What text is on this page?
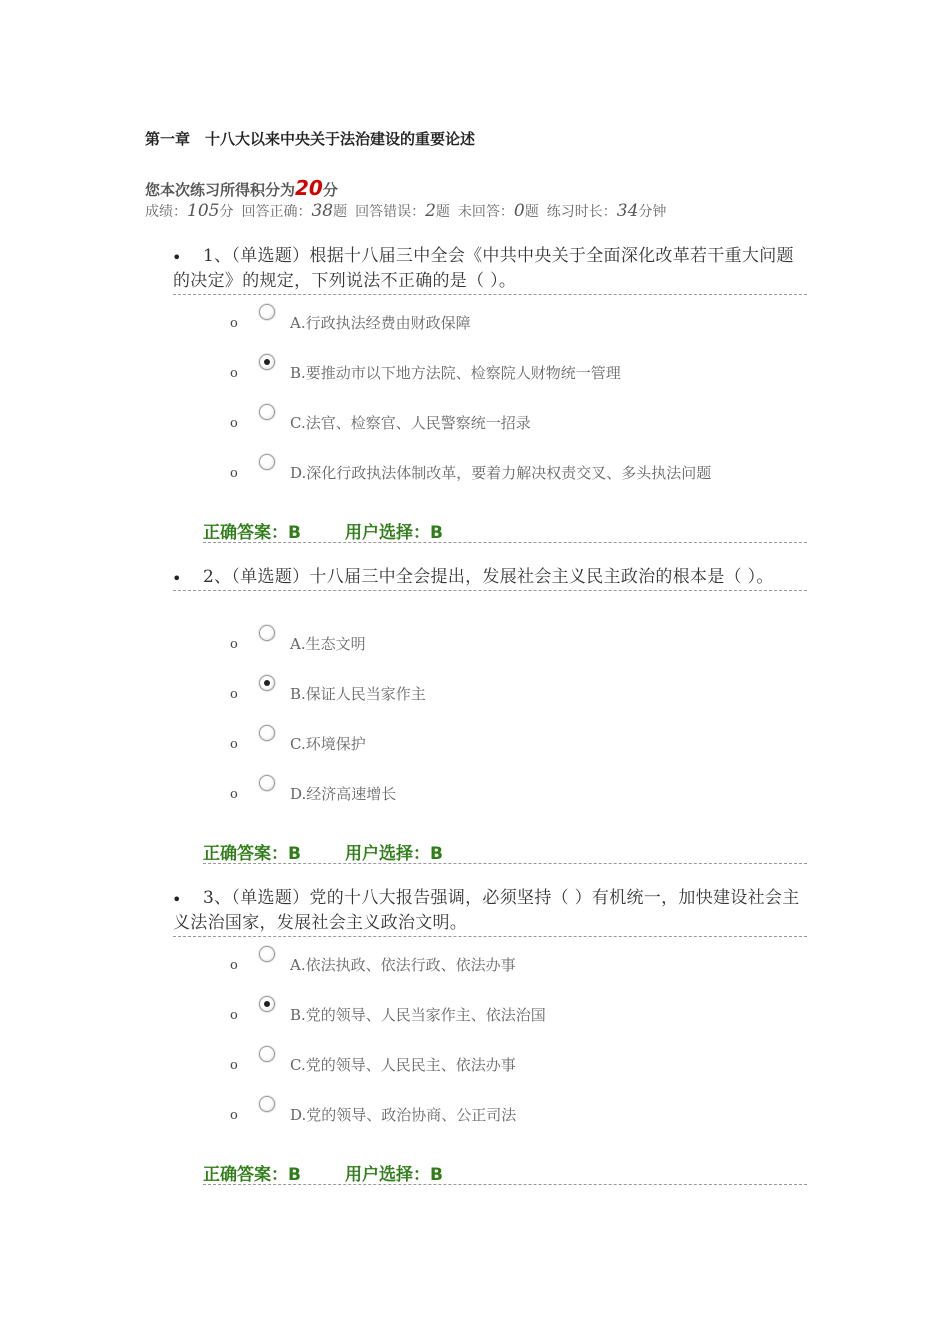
第一章　十八大以来中央关于法治建设的重要论述
您本次练习所得积分为20分
成绩：105分 回答正确：38题 回答错误：2题 未回答：0题 练习时长：34分钟
•	1、（单选题）根据十八届三中全会《中共中央关于全面深化改革若干重大问题的决定》的规定，下列说法不正确的是（ ）。
o	A.行政执法经费由财政保障
o	B.要推动市以下地方法院、检察院人财物统一管理
o	C.法官、检察官、人民警察统一招录
o	D.深化行政执法体制改革，要着力解决权责交叉、多头执法问题
正确答案：B	用户选择：B
•	2、（单选题）十八届三中全会提出，发展社会主义民主政治的根本是（ ）。
o	A.生态文明
o	B.保证人民当家作主
o	C.环境保护
o	D.经济高速增长
正确答案：B	用户选择：B
•	3、（单选题）党的十八大报告强调，必须坚持（ ）有机统一，加快建设社会主义法治国家，发展社会主义政治文明。
o	A.依法执政、依法行政、依法办事
o	B.党的领导、人民当家作主、依法治国
o	C.党的领导、人民民主、依法办事
o	D.党的领导、政治协商、公正司法
正确答案：B	用户选择：B
